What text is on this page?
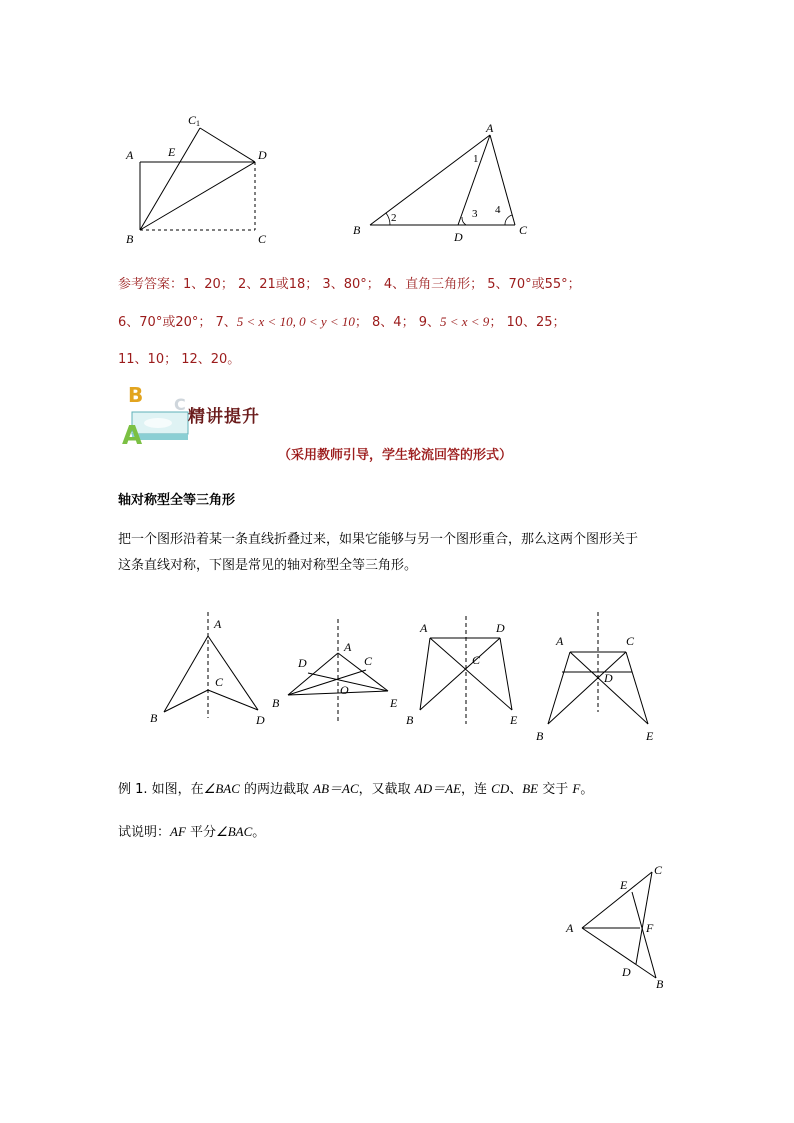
C 1
A	E	D
B	C
A
B	D	C
1
2	3 4
参考答案：1、20； 2、21或18； 3、80°； 4、直角三角形； 5、70°或55°；
6、70°或20°； 7、5 < x < 10, 0 < y < 10； 8、4； 9、5 < x < 9； 10、25；
11、10； 12、20。
B
A
C
精讲提升
（采用教师引导，学生轮流回答的形式）
轴对称型全等三角形
把一个图形沿着某一条直线折叠过来，如果它能够与另一个图形重合，那么这两个图形关于
这条直线对称，下图是常见的轴对称型全等三角形。
A
C
B	D
A
D	C
O
B	E
A	D
C
B	E
A	C
D
B	E
例 1. 如图，在∠BAC 的两边截取 AB＝AC，又截取 AD＝AE，连 CD、BE 交于 F。
试说明：AF 平分∠BAC。
C
E
A	F
D
B
